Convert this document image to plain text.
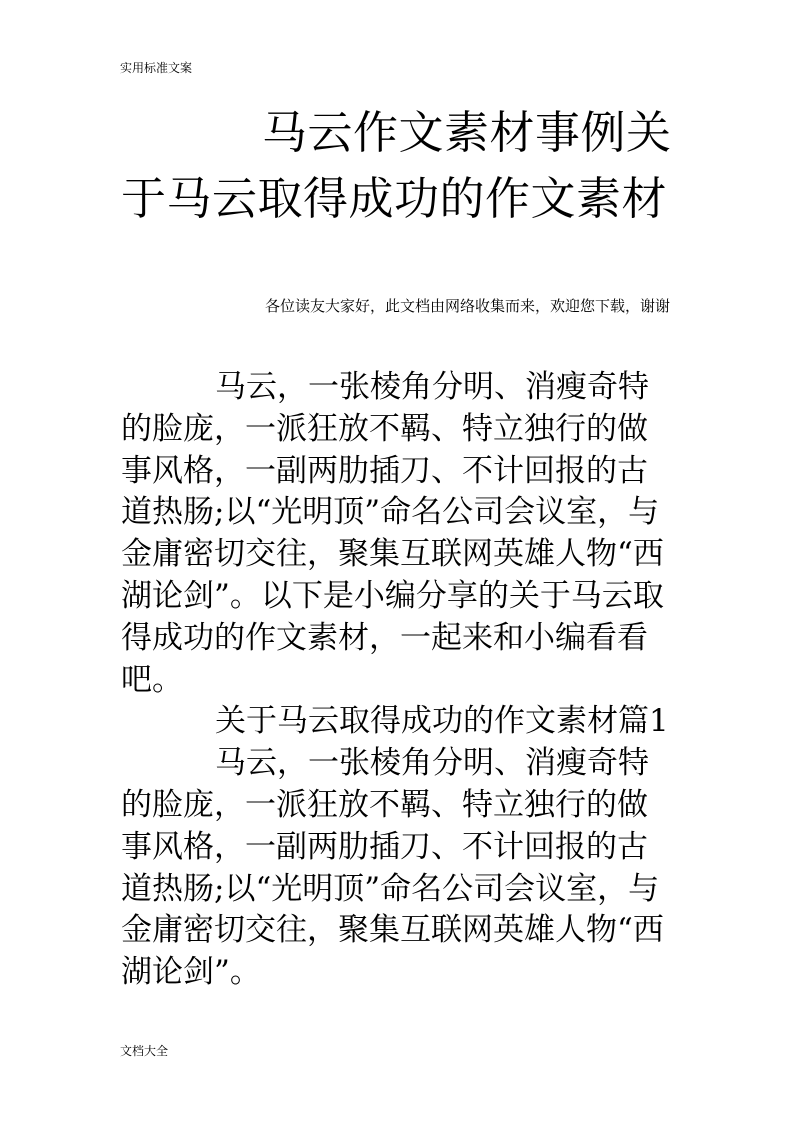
实用标准文案
马云作文素材事例关于马云取得成功的作文素材
各位读友大家好，此文档由网络收集而来，欢迎您下载，谢谢

马云，一张棱角分明、消瘦奇特的脸庞，一派狂放不羁、特立独行的做事风格，一副两肋插刀、不计回报的古道热肠;以“光明顶”命名公司会议室，与金庸密切交往，聚集互联网英雄人物“西湖论剑”。以下是小编分享的关于马云取得成功的作文素材，一起来和小编看看吧。

关于马云取得成功的作文素材篇1

马云，一张棱角分明、消瘦奇特的脸庞，一派狂放不羁、特立独行的做事风格，一副两肋插刀、不计回报的古道热肠;以“光明顶”命名公司会议室，与金庸密切交往，聚集互联网英雄人物“西湖论剑”。

文档大全
